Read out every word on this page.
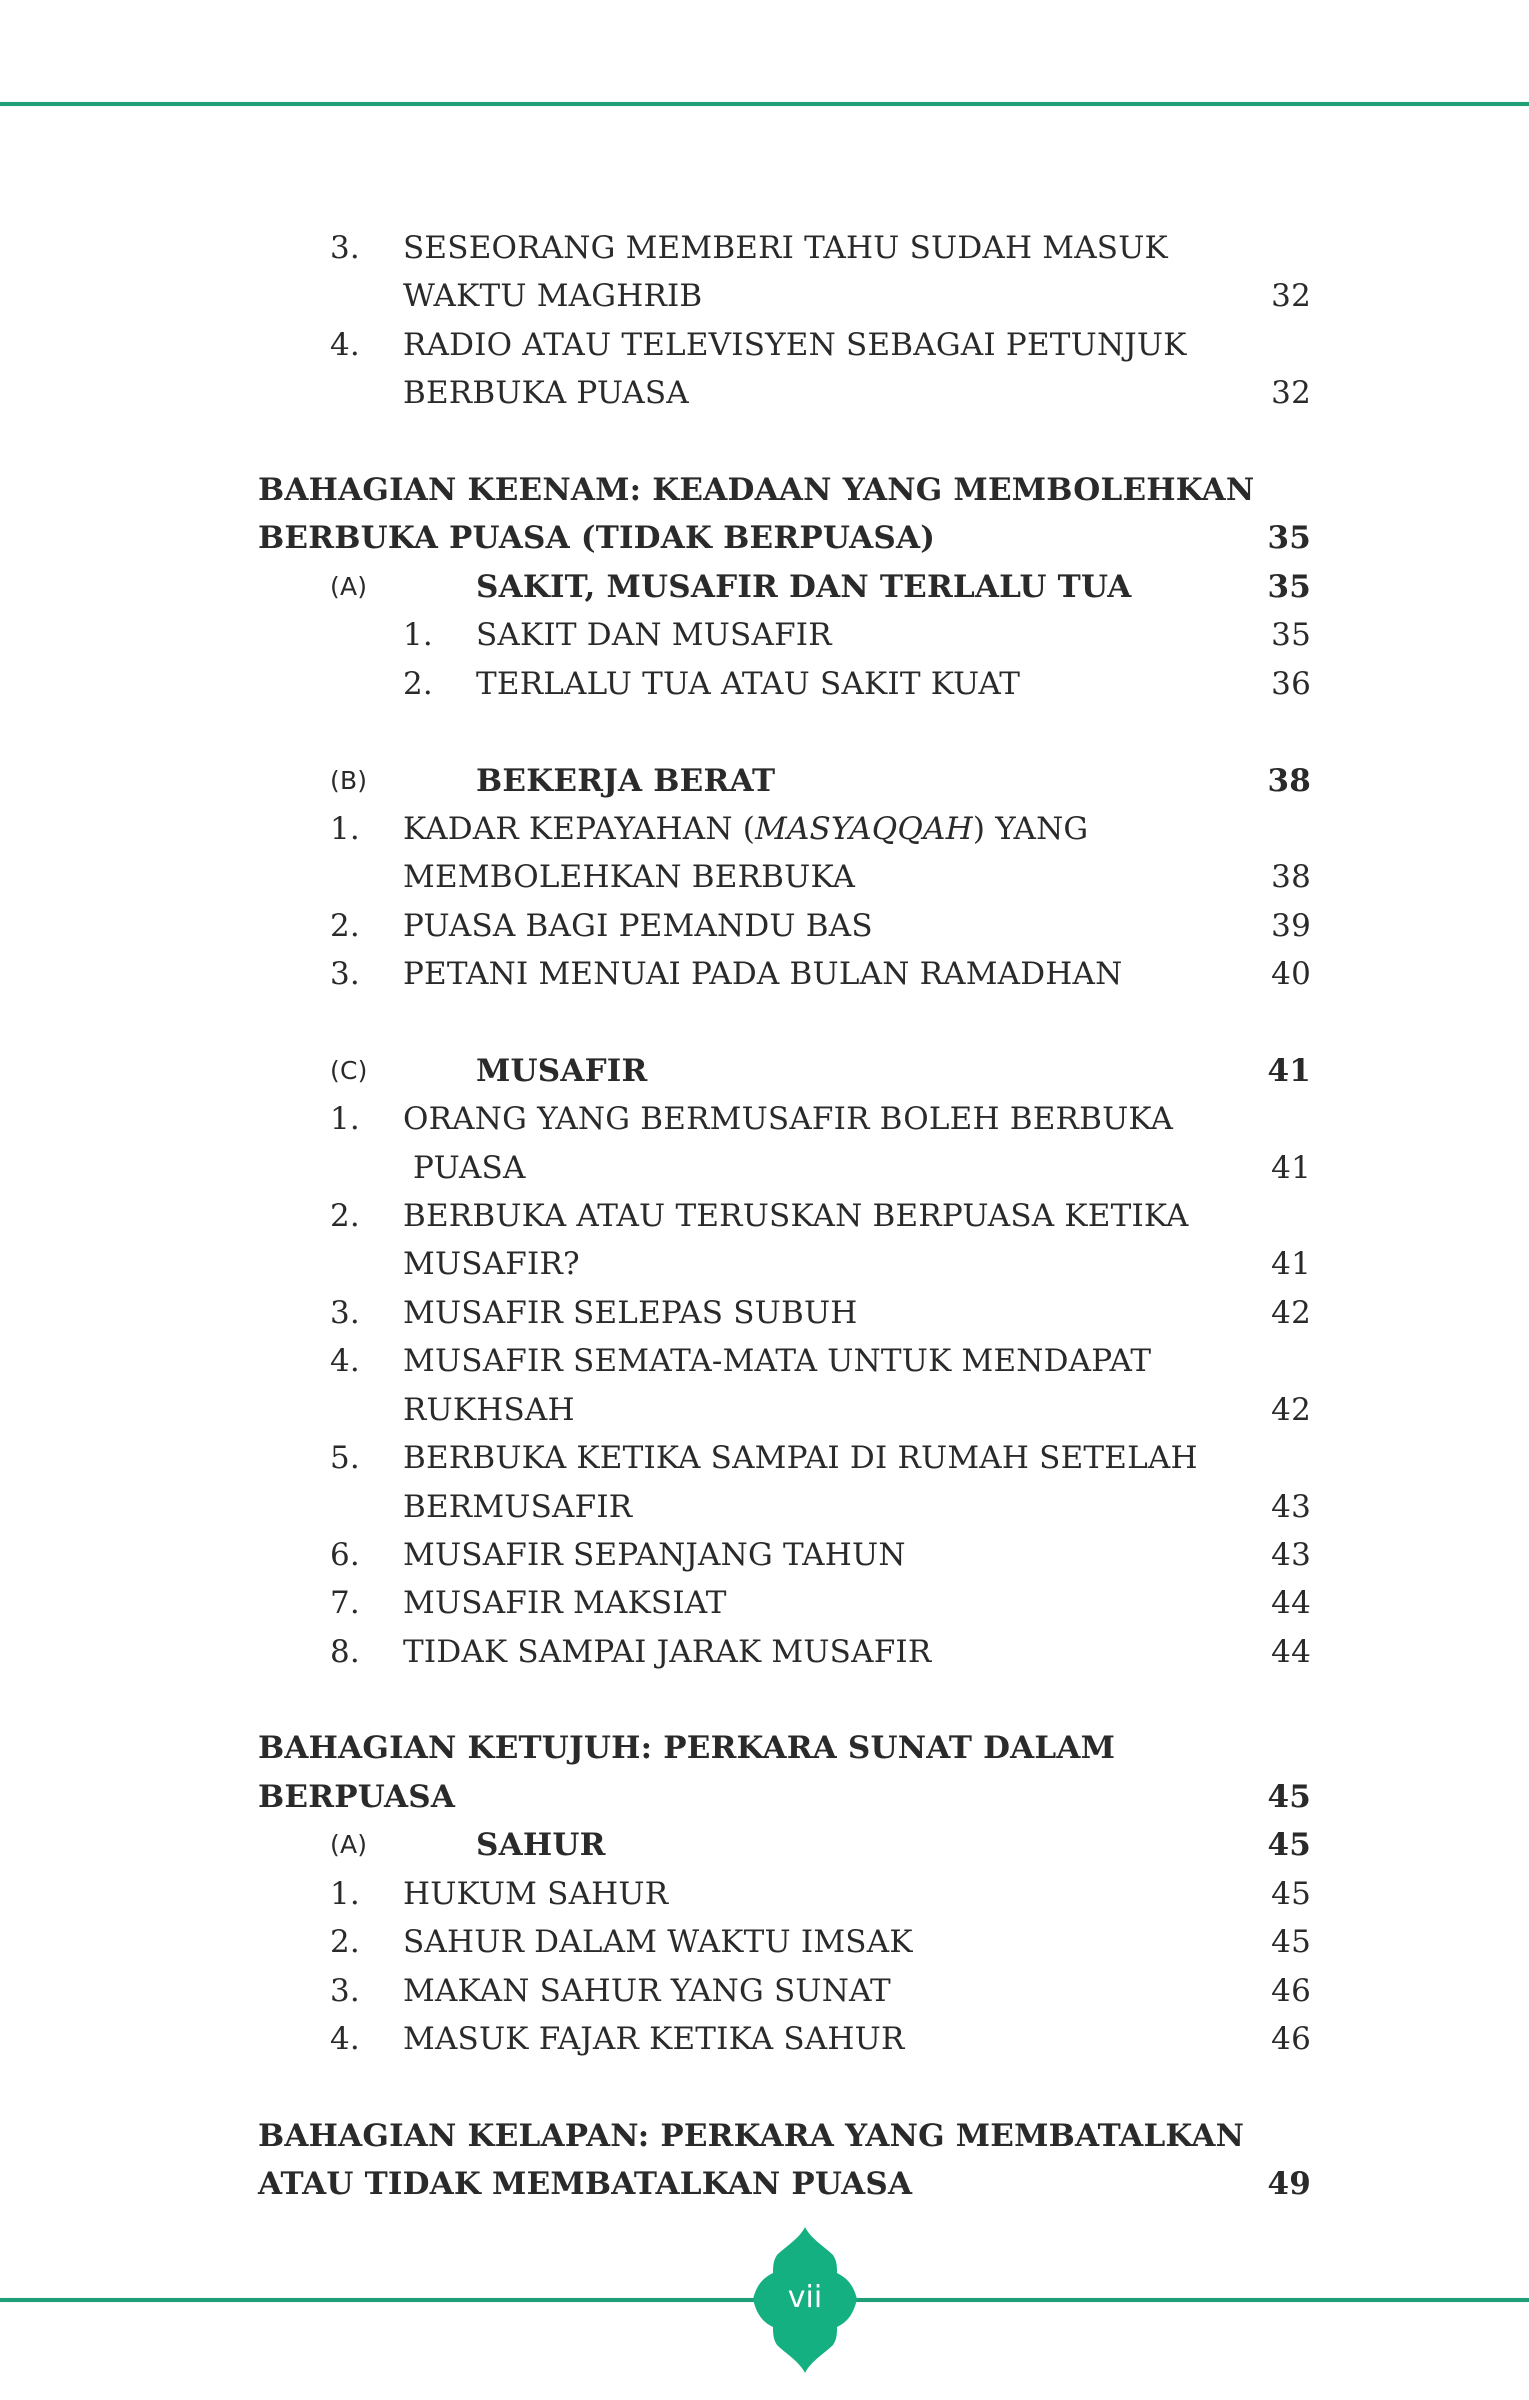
3. SESEORANG MEMBERI TAHU SUDAH MASUK
WAKTU MAGHRIB	32
4. RADIO ATAU TELEVISYEN SEBAGAI PETUNJUK
BERBUKA PUASA	32
BAHAGIAN KEENAM: KEADAAN YANG MEMBOLEHKAN
BERBUKA PUASA (TIDAK BERPUASA)	35
(A)	SAKIT, MUSAFIR DAN TERLALU TUA	35
1. SAKIT DAN MUSAFIR	35
2. TERLALU TUA ATAU SAKIT KUAT	36
(B)	BEKERJA BERAT	38
1. KADAR KEPAYAHAN (MASYAQQAH) YANG
MEMBOLEHKAN BERBUKA	38
2. PUASA BAGI PEMANDU BAS	39
3. PETANI MENUAI PADA BULAN RAMADHAN	40
(C)	MUSAFIR	41
1. ORANG YANG BERMUSAFIR BOLEH BERBUKA
PUASA	41
2. BERBUKA ATAU TERUSKAN BERPUASA KETIKA
MUSAFIR?	41
3. MUSAFIR SELEPAS SUBUH	42
4. MUSAFIR SEMATA-MATA UNTUK MENDAPAT
RUKHSAH	42
5. BERBUKA KETIKA SAMPAI DI RUMAH SETELAH
BERMUSAFIR	43
6. MUSAFIR SEPANJANG TAHUN	43
7. MUSAFIR MAKSIAT	44
8. TIDAK SAMPAI JARAK MUSAFIR	44
BAHAGIAN KETUJUH: PERKARA SUNAT DALAM
BERPUASA	45
(A)	SAHUR	45
1. HUKUM SAHUR	45
2. SAHUR DALAM WAKTU IMSAK	45
3. MAKAN SAHUR YANG SUNAT	46
4. MASUK FAJAR KETIKA SAHUR	46
BAHAGIAN KELAPAN: PERKARA YANG MEMBATALKAN
ATAU TIDAK MEMBATALKAN PUASA	49
vii
